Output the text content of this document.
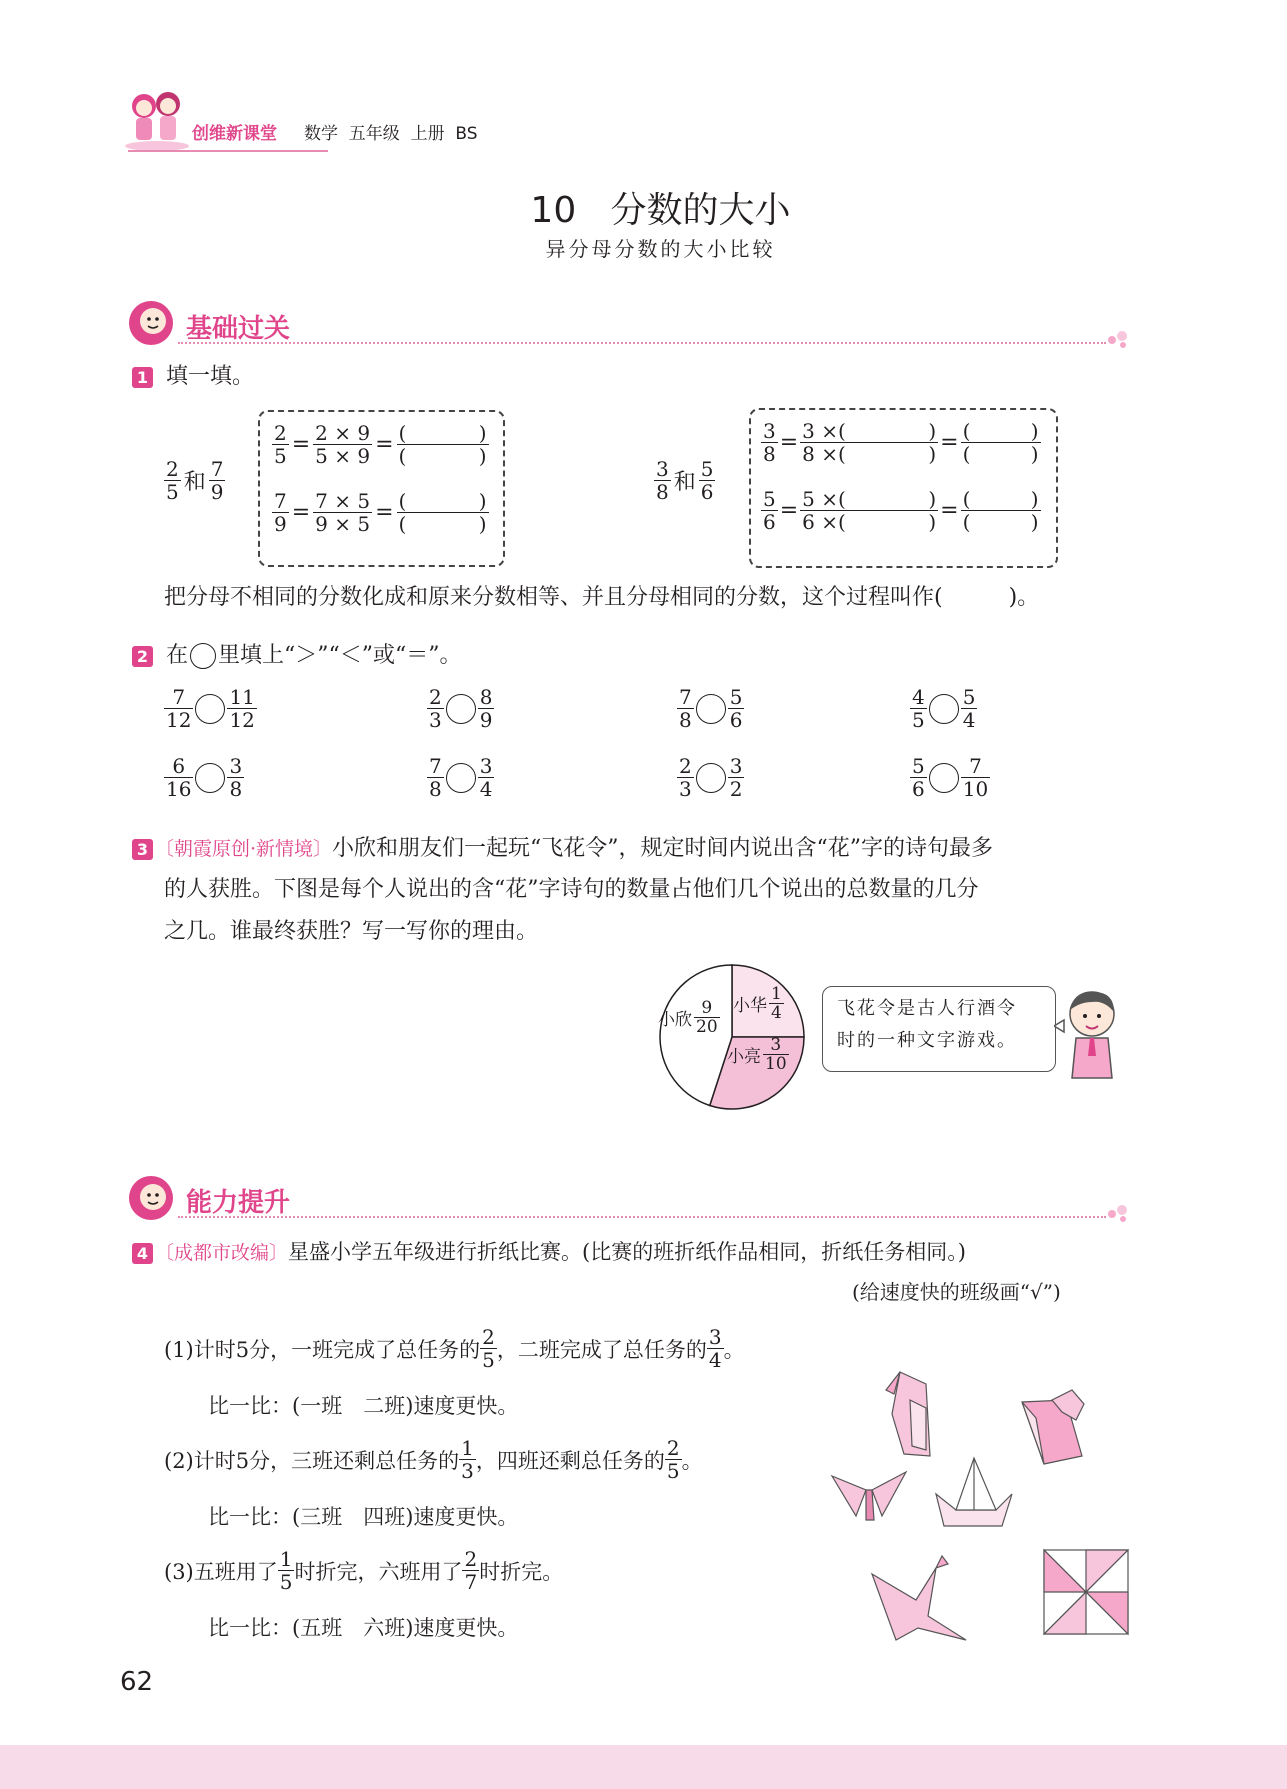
创维新课堂 数学  五年级  上册  BS
10   分数的大小
异分母分数的大小比较
基础过关
1 填一填。
$\frac{2}{5}$ 和 $\frac{7}{9}$
$\frac{2}{5} = \frac{2 \times 9}{5 \times 9}$ = (	)
(	)
$\frac{7}{9} = \frac{7 \times 5}{9 \times 5}$ = (	)
(	)
$\frac{3}{8}$ 和 $\frac{5}{6}$
$\frac{3}{8} = 3$ ×(	)
8 ×(	) = (	)
(	)
$\frac{5}{6} = 5$ ×(	)
6 ×(	) = (	)
(	)
把分母不相同的分数化成和原来分数相等、并且分母相同的分数，这个过程叫作(　　　)。
2 在 里填上“＞”“＜”或“＝”。
$\frac{7}{12} \frac{11}{12}$	$\frac{2}{3} \frac{8}{9}$	$\frac{7}{8} \frac{5}{6}$	$\frac{4}{5} \frac{5}{4}$
$\frac{6}{16} \frac{3}{8}$	$\frac{7}{8} \frac{3}{4}$	$\frac{2}{3} \frac{3}{2}$	$\frac{5}{6} \frac{7}{10}$
3 〔朝霞原创·新情境〕小欣和朋友们一起玩“飞花令”，规定时间内说出含“花”字的诗句最多
的人获胜。下图是每个人说出的含“花”字诗句的数量占他们几个说出的总数量的几分
之几。谁最终获胜？写一写你的理由。
小欣 $\frac{9}{20}$ 小华 $\frac{1}{4}$
小亮 $\frac{3}{10}$
飞花令是古人行酒令
时的一种文字游戏。
能力提升
4 〔成都市改编〕星盛小学五年级进行折纸比赛。(比赛的班折纸作品相同，折纸任务相同。)
(给速度快的班级画“√”)
(1)计时5分，一班完成了总任务的 $\frac{2}{5}$ ，二班完成了总任务的 $\frac{3}{4}$ 。
比一比：(一班　二班)速度更快。
(2)计时5分，三班还剩总任务的 $\frac{1}{3}$ ，四班还剩总任务的 $\frac{2}{5}$ 。
比一比：(三班　四班)速度更快。
(3)五班用了 $\frac{1}{5}$ 时折完，六班用了 $\frac{2}{7}$ 时折完。
比一比：(五班　六班)速度更快。
62
